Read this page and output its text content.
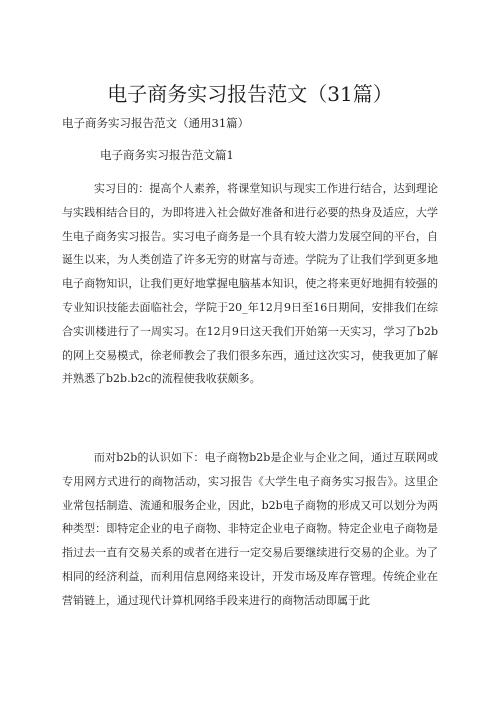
电子商务实习报告范文（31篇）

电子商务实习报告范文（通用31篇）

电子商务实习报告范文篇1

实习目的：提高个人素养，将课堂知识与现实工作进行结合，达到理论与实践相结合目的，为即将进入社会做好准备和进行必要的热身及适应，大学生电子商务实习报告。实习电子商务是一个具有较大潜力发展空间的平台，自诞生以来，为人类创造了许多无穷的财富与奇迹。学院为了让我们学到更多地电子商物知识，让我们更好地掌握电脑基本知识，使之将来更好地拥有较强的专业知识技能去面临社会，学院于20_年12月9日至16日期间，安排我们在综合实训楼进行了一周实习。在12月9日这天我们开始第一天实习，学习了b2b的网上交易模式，徐老师教会了我们很多东西，通过这次实习，使我更加了解并熟悉了b2b.b2c的流程使我收获颇多。

而对b2b的认识如下：电子商物b2b是企业与企业之间，通过互联网或专用网方式进行的商物活动，实习报告《大学生电子商务实习报告》。这里企业常包括制造、流通和服务企业，因此，b2b电子商物的形成又可以划分为两种类型：即特定企业的电子商物、非特定企业电子商物。特定企业电子商物是指过去一直有交易关系的或者在进行一定交易后要继续进行交易的企业。为了相同的经济利益，而利用信息网络来设计，开发市场及库存管理。传统企业在营销链上，通过现代计算机网络手段来进行的商物活动即属于此
